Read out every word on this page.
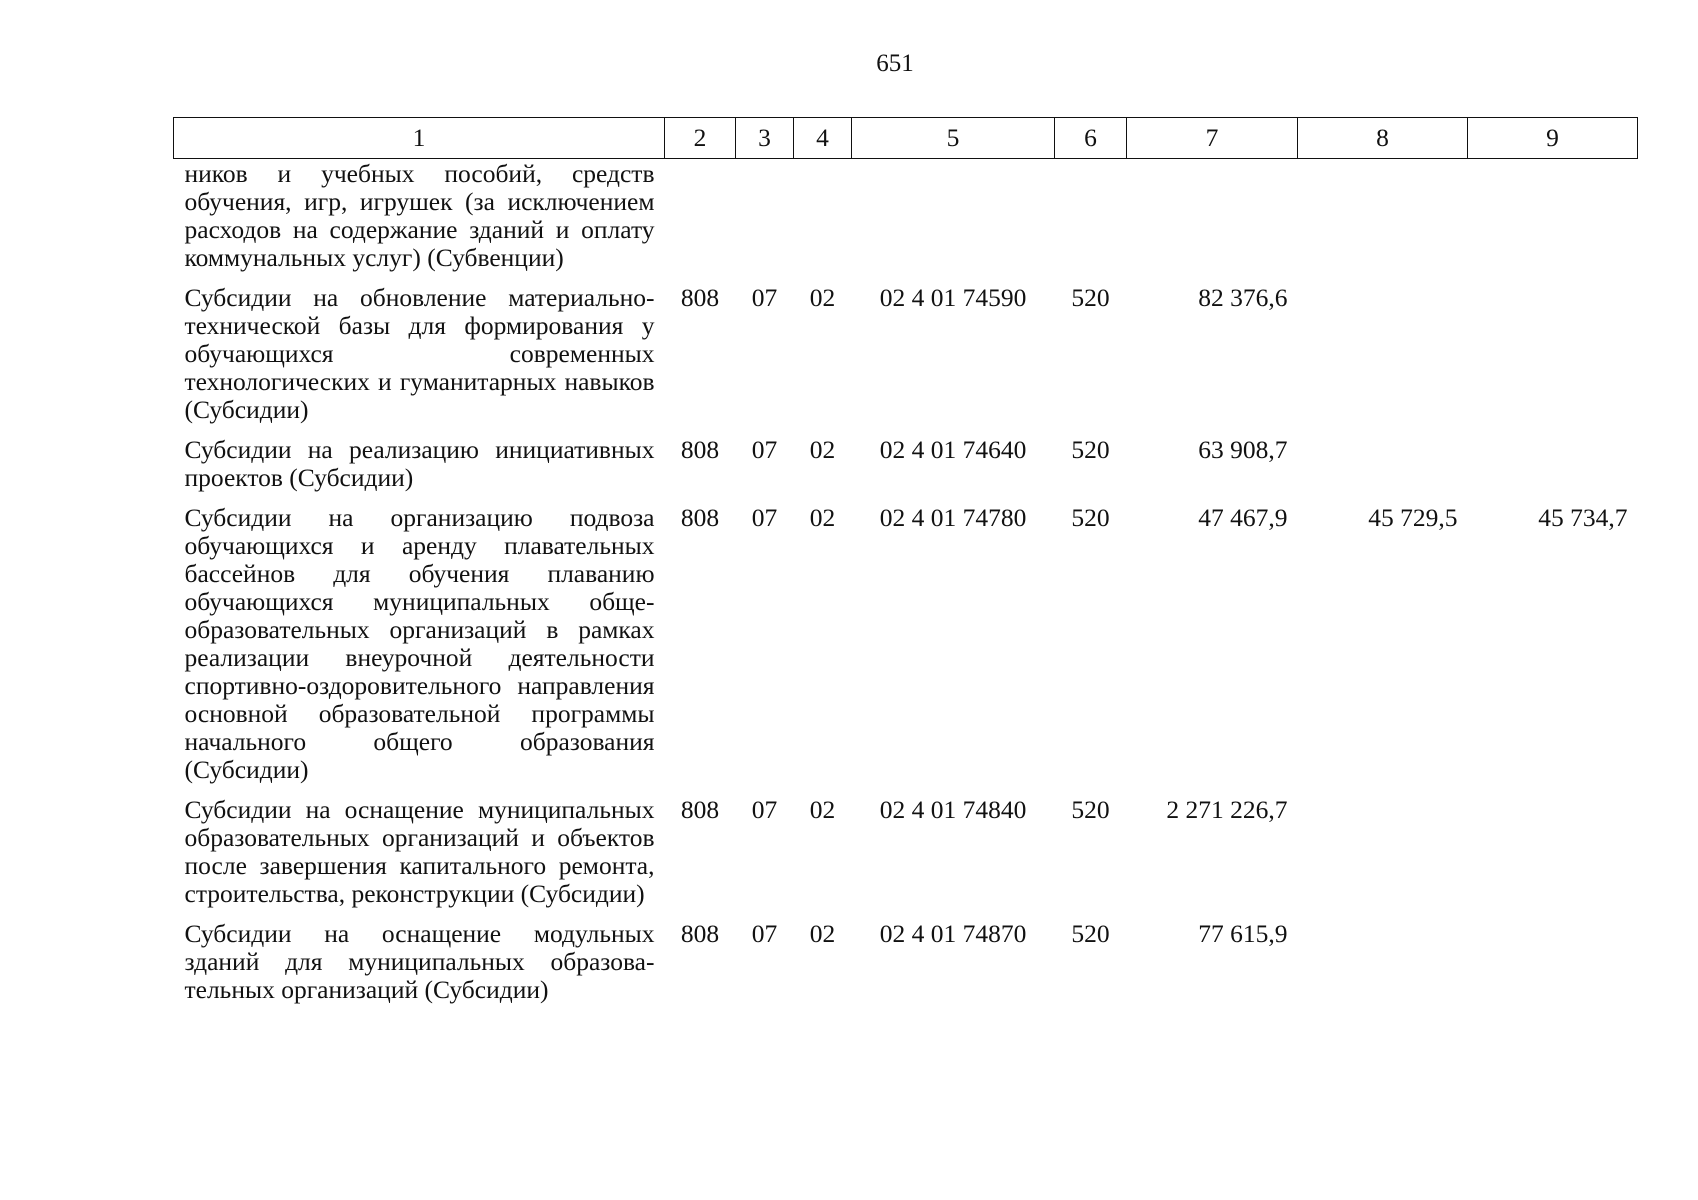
651
1	2	3	4	5	6	7	8	9
ников и учебных пособий, средств обучения, игр, игрушек (за исключением расходов на содержание зданий и оплату коммунальных услуг) (Субвенции)								
Субсидии на обновление материально-технической базы для формирования у обучающихся современных технологических и гуманитарных навыков (Субсидии)	808	07	02	02 4 01 74590	520	82 376,6		
Субсидии на реализацию инициативных проектов (Субсидии)	808	07	02	02 4 01 74640	520	63 908,7		
Субсидии на организацию подвоза обучающихся и аренду плавательных бассейнов для обучения плаванию обучающихся муниципальных общеобразовательных организаций в рамках реализации внеурочной деятельности спортивно-оздоровительного направления основной образовательной программы начального общего образования (Субсидии)	808	07	02	02 4 01 74780	520	47 467,9	45 729,5	45 734,7
Субсидии на оснащение муниципальных образовательных организаций и объектов после завершения капитального ремонта, строительства, реконструкции (Субсидии)	808	07	02	02 4 01 74840	520	2 271 226,7		
Субсидии на оснащение модульных зданий для муниципальных образовательных организаций (Субсидии)	808	07	02	02 4 01 74870	520	77 615,9		
